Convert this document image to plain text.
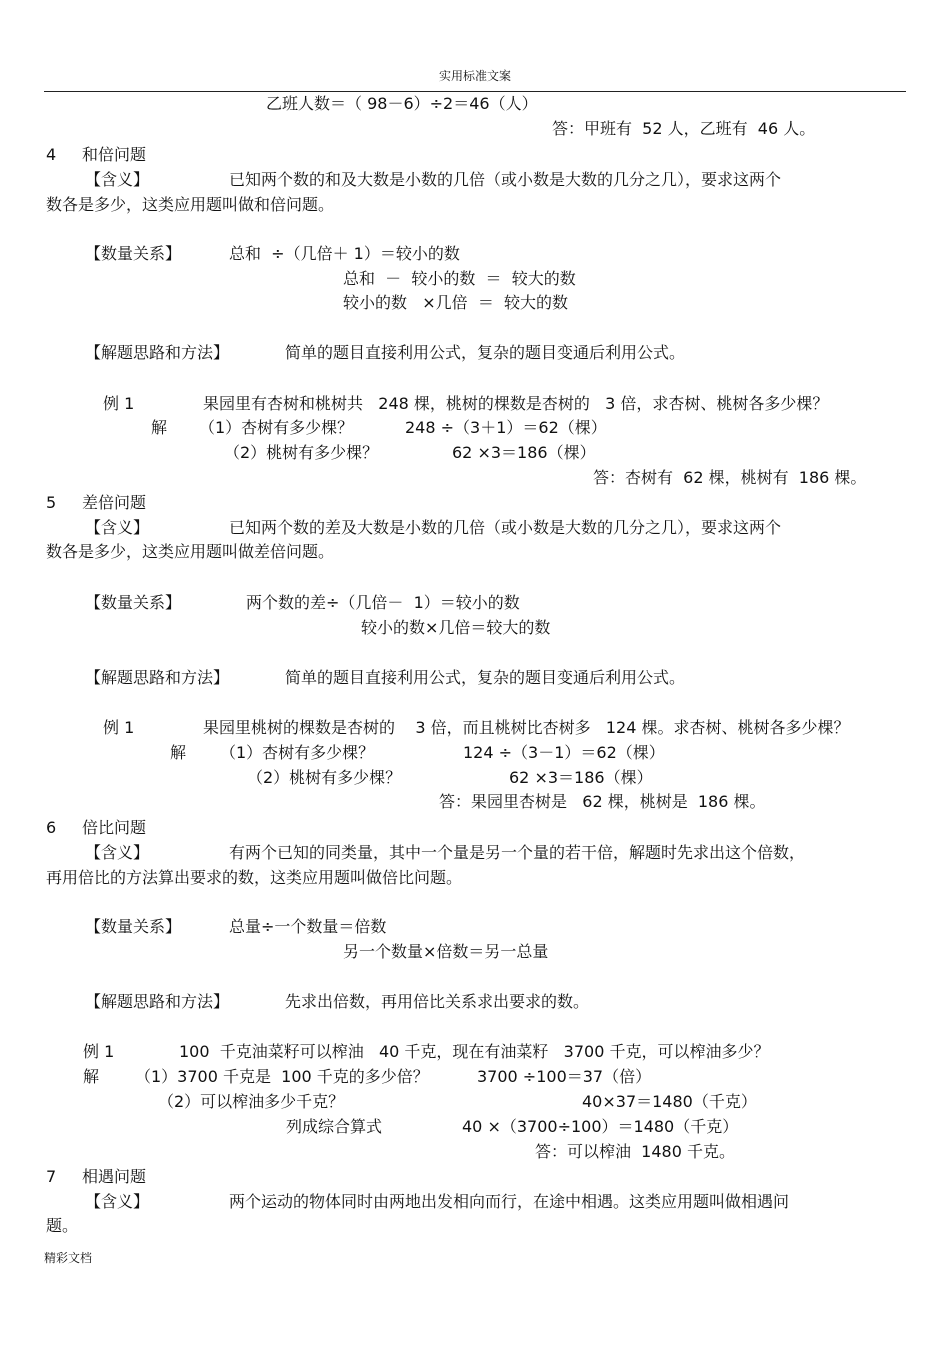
实用标准文案
乙班人数＝（ 98－6）÷2＝46（人）
答：甲班有  52 人，乙班有  46 人。
4 和倍问题
【含义】	已知两个数的和及大数是小数的几倍（或小数是大数的几分之几），要求这两个
数各是多少，这类应用题叫做和倍问题。
【数量关系】	总和  ÷（几倍＋ 1）＝较小的数
总和  －  较小的数  ＝  较大的数
较小的数   ×几倍  ＝  较大的数
【解题思路和方法】	简单的题目直接利用公式，复杂的题目变通后利用公式。
例 1	果园里有杏树和桃树共   248 棵，桃树的棵数是杏树的   3 倍，求杏树、桃树各多少棵？
解 （1）杏树有多少棵？	248 ÷（3＋1）＝62（棵）
（2）桃树有多少棵？	62 ×3＝186（棵）
答：杏树有  62 棵，桃树有  186 棵。
5 差倍问题
【含义】	已知两个数的差及大数是小数的几倍（或小数是大数的几分之几），要求这两个
数各是多少，这类应用题叫做差倍问题。
【数量关系】	两个数的差÷（几倍－  1）＝较小的数
较小的数×几倍＝较大的数
【解题思路和方法】	简单的题目直接利用公式，复杂的题目变通后利用公式。
例 1	果园里桃树的棵数是杏树的    3 倍，而且桃树比杏树多   124 棵。求杏树、桃树各多少棵？
解 （1）杏树有多少棵？	124 ÷（3－1）＝62（棵）
（2）桃树有多少棵？	62 ×3＝186（棵）
答：果园里杏树是   62 棵，桃树是  186 棵。
6 倍比问题
【含义】	有两个已知的同类量，其中一个量是另一个量的若干倍，解题时先求出这个倍数，
再用倍比的方法算出要求的数，这类应用题叫做倍比问题。
【数量关系】	总量÷一个数量＝倍数
另一个数量×倍数＝另一总量
【解题思路和方法】	先求出倍数，再用倍比关系求出要求的数。
例 1	100  千克油菜籽可以榨油   40 千克，现在有油菜籽   3700 千克，可以榨油多少？
解 （1）3700 千克是  100 千克的多少倍？	3700 ÷100＝37（倍）
（2）可以榨油多少千克？	40×37＝1480（千克）
列成综合算式	40 ×（3700÷100）＝1480（千克）
答：可以榨油  1480 千克。
7 相遇问题
【含义】	两个运动的物体同时由两地出发相向而行，在途中相遇。这类应用题叫做相遇问
题。
精彩文档
